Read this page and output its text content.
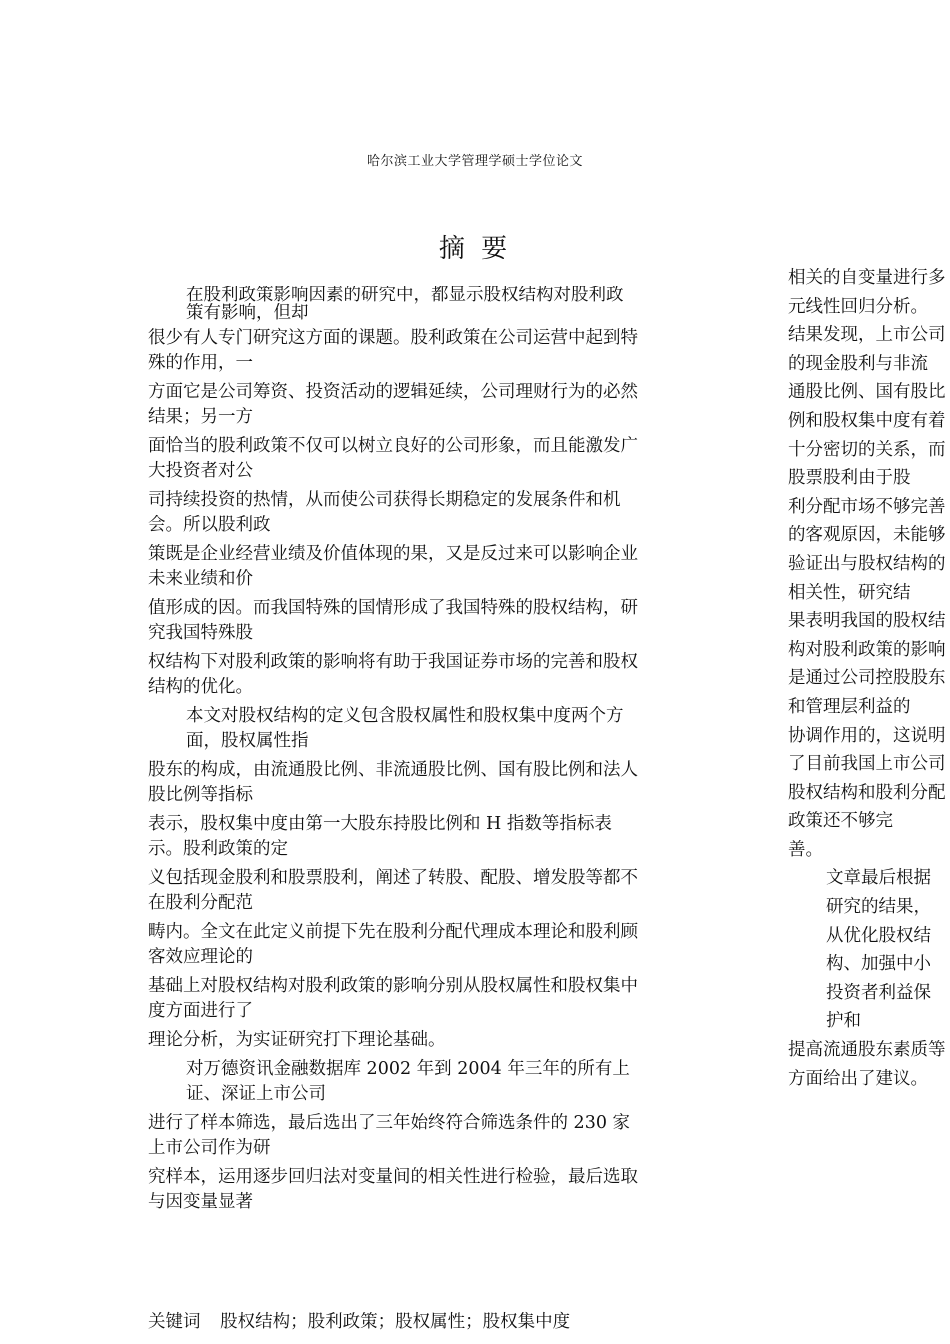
哈尔滨工业大学管理学硕士学位论文
摘 要
在股利政策影响因素的研究中，都显示股权结构对股利政策有影响，但却
很少有人专门研究这方面的课题。股利政策在公司运营中起到特殊的作用，一
方面它是公司筹资、投资活动的逻辑延续，公司理财行为的必然结果；另一方
面恰当的股利政策不仅可以树立良好的公司形象，而且能激发广大投资者对公
司持续投资的热情，从而使公司获得长期稳定的发展条件和机会。所以股利政
策既是企业经营业绩及价值体现的果，又是反过来可以影响企业未来业绩和价
值形成的因。而我国特殊的国情形成了我国特殊的股权结构，研究我国特殊股
权结构下对股利政策的影响将有助于我国证券市场的完善和股权结构的优化。
本文对股权结构的定义包含股权属性和股权集中度两个方面，股权属性指
股东的构成，由流通股比例、非流通股比例、国有股比例和法人股比例等指标
表示，股权集中度由第一大股东持股比例和 H 指数等指标表示。股利政策的定
义包括现金股利和股票股利，阐述了转股、配股、增发股等都不在股利分配范
畴内。全文在此定义前提下先在股利分配代理成本理论和股利顾客效应理论的
基础上对股权结构对股利政策的影响分别从股权属性和股权集中度方面进行了
理论分析，为实证研究打下理论基础。
对万德资讯金融数据库 2002 年到 2004 年三年的所有上证、深证上市公司
进行了样本筛选，最后选出了三年始终符合筛选条件的 230 家上市公司作为研
究样本，运用逐步回归法对变量间的相关性进行检验，最后选取与因变量显著
相关的自变量进行多元线性回归分析。
结果发现，上市公司的现金股利与非流
通股比例、国有股比例和股权集中度有着十分密切的关系，而股票股利由于股
利分配市场不够完善的客观原因，未能够验证出与股权结构的相关性，研究结
果表明我国的股权结构对股利政策的影响是通过公司控股股东和管理层利益的
协调作用的，这说明了目前我国上市公司股权结构和股利分配政策还不够完
善。
文章最后根据研究的结果，从优化股权结构、加强中小投资者利益保护和
提高流通股东素质等方面给出了建议。
关键词 股权结构；股利政策；股权属性；股权集中度
